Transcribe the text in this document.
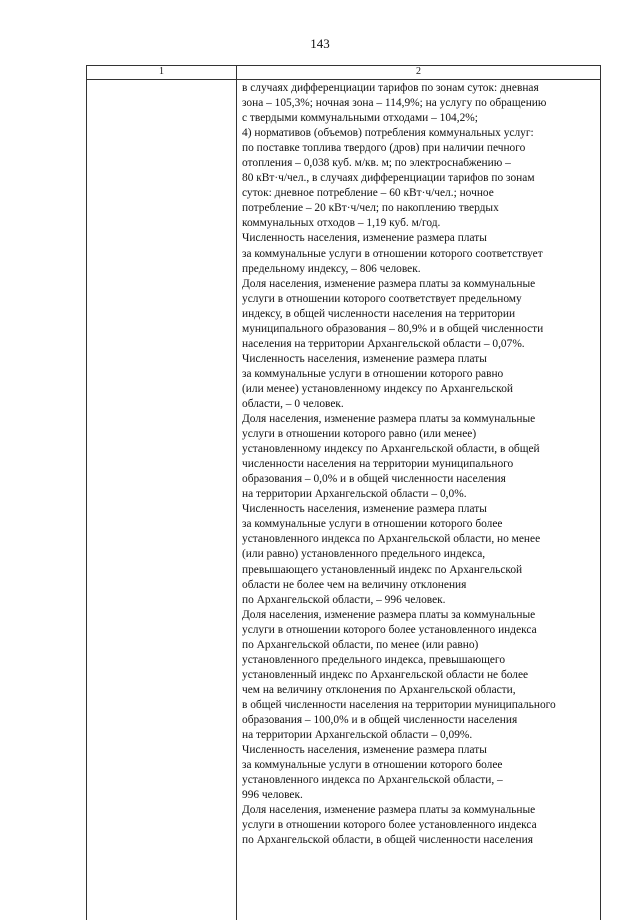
143
1	2
в случаях дифференциации тарифов по зонам суток: дневная
зона – 105,3%; ночная зона – 114,9%; на услугу по обращению
с твердыми коммунальными отходами – 104,2%;
4) нормативов (объемов) потребления коммунальных услуг:
по поставке топлива твердого (дров) при наличии печного
отопления – 0,038 куб. м/кв. м; по электроснабжению –
80 кВт·ч/чел., в случаях дифференциации тарифов по зонам
суток: дневное потребление – 60 кВт·ч/чел.; ночное
потребление – 20 кВт·ч/чел; по накоплению твердых
коммунальных отходов – 1,19 куб. м/год.
Численность населения, изменение размера платы
за коммунальные услуги в отношении которого соответствует
предельному индексу, – 806 человек.
Доля населения, изменение размера платы за коммунальные
услуги в отношении которого соответствует предельному
индексу, в общей численности населения на территории
муниципального образования – 80,9% и в общей численности
населения на территории Архангельской области – 0,07%.
Численность населения, изменение размера платы
за коммунальные услуги в отношении которого равно
(или менее) установленному индексу по Архангельской
области, – 0 человек.
Доля населения, изменение размера платы за коммунальные
услуги в отношении которого равно (или менее)
установленному индексу по Архангельской области, в общей
численности населения на территории муниципального
образования – 0,0% и в общей численности населения
на территории Архангельской области – 0,0%.
Численность населения, изменение размера платы
за коммунальные услуги в отношении которого более
установленного индекса по Архангельской области, но менее
(или равно) установленного предельного индекса,
превышающего установленный индекс по Архангельской
области не более чем на величину отклонения
по Архангельской области, – 996 человек.
Доля населения, изменение размера платы за коммунальные
услуги в отношении которого более установленного индекса
по Архангельской области, по менее (или равно)
установленного предельного индекса, превышающего
установленный индекс по Архангельской области не более
чем на величину отклонения по Архангельской области,
в общей численности населения на территории муниципального
образования – 100,0% и в общей численности населения
на территории Архангельской области – 0,09%.
Численность населения, изменение размера платы
за коммунальные услуги в отношении которого более
установленного индекса по Архангельской области, –
996 человек.
Доля населения, изменение размера платы за коммунальные
услуги в отношении которого более установленного индекса
по Архангельской области, в общей численности населения
